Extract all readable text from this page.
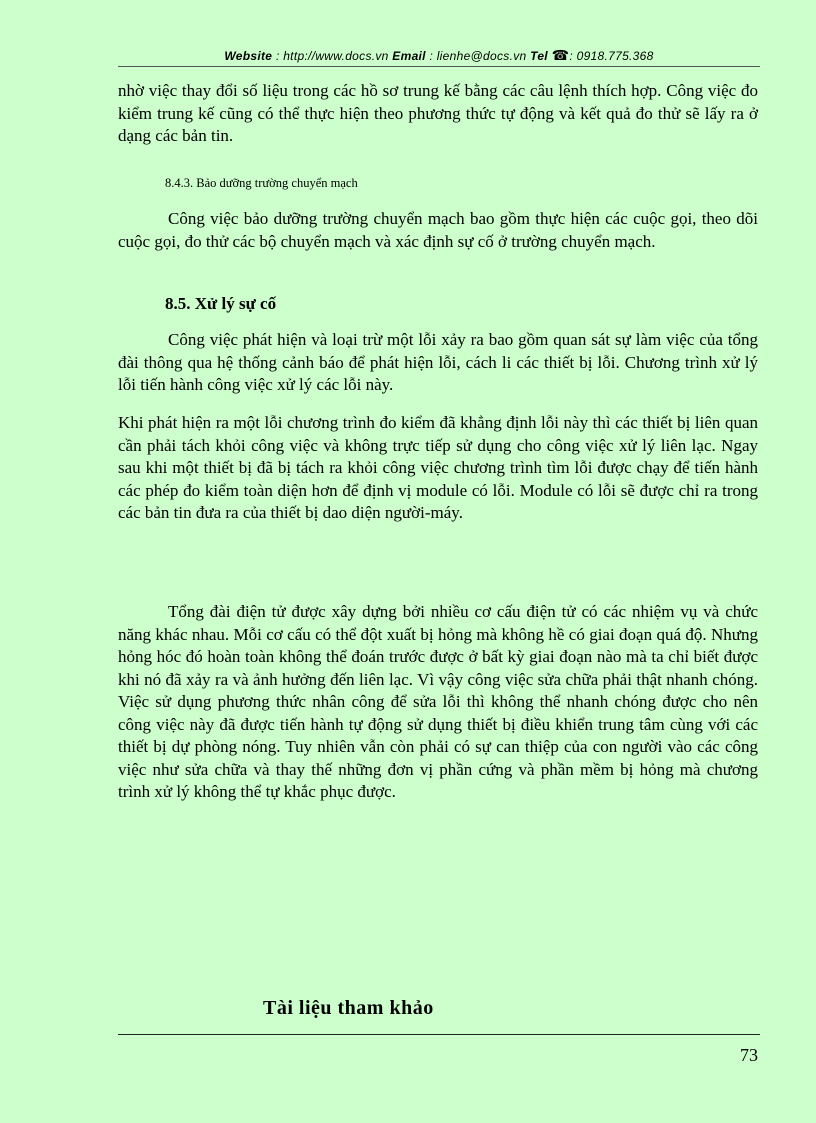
Website : http://www.docs.vn Email : lienhe@docs.vn Tel ☎: 0918.775.368

nhờ việc thay đổi số liệu trong các hồ sơ trung kế bằng các câu lệnh thích hợp. Công việc đo kiểm trung kế cũng có thể thực hiện theo phương thức tự động và kết quả đo thử sẽ lấy ra ở dạng các bản tin.

8.4.3. Bảo dưỡng trường chuyển mạch

Công việc bảo dưỡng trường chuyển mạch bao gồm thực hiện các cuộc gọi, theo dõi cuộc gọi, đo thử các bộ chuyển mạch và xác định sự cố ở trường chuyển mạch.

8.5. Xử lý sự cố

Công việc phát hiện và loại trừ một lỗi xảy ra bao gồm quan sát sự làm việc của tổng đài thông qua hệ thống cảnh báo để phát hiện lỗi, cách li các thiết bị lỗi. Chương trình xử lý lỗi tiến hành công việc xử lý các lỗi này.

Khi phát hiện ra một lỗi chương trình đo kiểm đã khẳng định lỗi này thì các thiết bị liên quan cần phải tách khỏi công việc và không trực tiếp sử dụng cho công việc xử lý liên lạc. Ngay sau khi một thiết bị đã bị tách ra khỏi công việc chương trình tìm lỗi được chạy để tiến hành các phép đo kiểm toàn diện hơn để định vị module có lỗi. Module có lỗi sẽ được chỉ ra trong các bản tin đưa ra của thiết bị dao diện người-máy.

Tổng đài điện tử được xây dựng bởi nhiều cơ cấu điện tử có các nhiệm vụ và chức năng khác nhau. Mỗi cơ cấu có thể đột xuất bị hỏng mà không hề có giai đoạn quá độ. Nhưng hỏng hóc đó hoàn toàn không thể đoán trước được ở bất kỳ giai đoạn nào mà ta chỉ biết được khi nó đã xảy ra và ảnh hưởng đến liên lạc. Vì vậy công việc sửa chữa phải thật nhanh chóng. Việc sử dụng phương thức nhân công để sửa lỗi thì không thể nhanh chóng được cho nên công việc này đã được tiến hành tự động sử dụng thiết bị điều khiển trung tâm cùng với các thiết bị dự phòng nóng. Tuy nhiên vẫn còn phải có sự can thiệp của con người vào các công việc như sửa chữa và thay thế những đơn vị phần cứng và phần mềm bị hỏng mà chương trình xử lý không thể tự khắc phục được.

Tài liệu tham khảo
73
